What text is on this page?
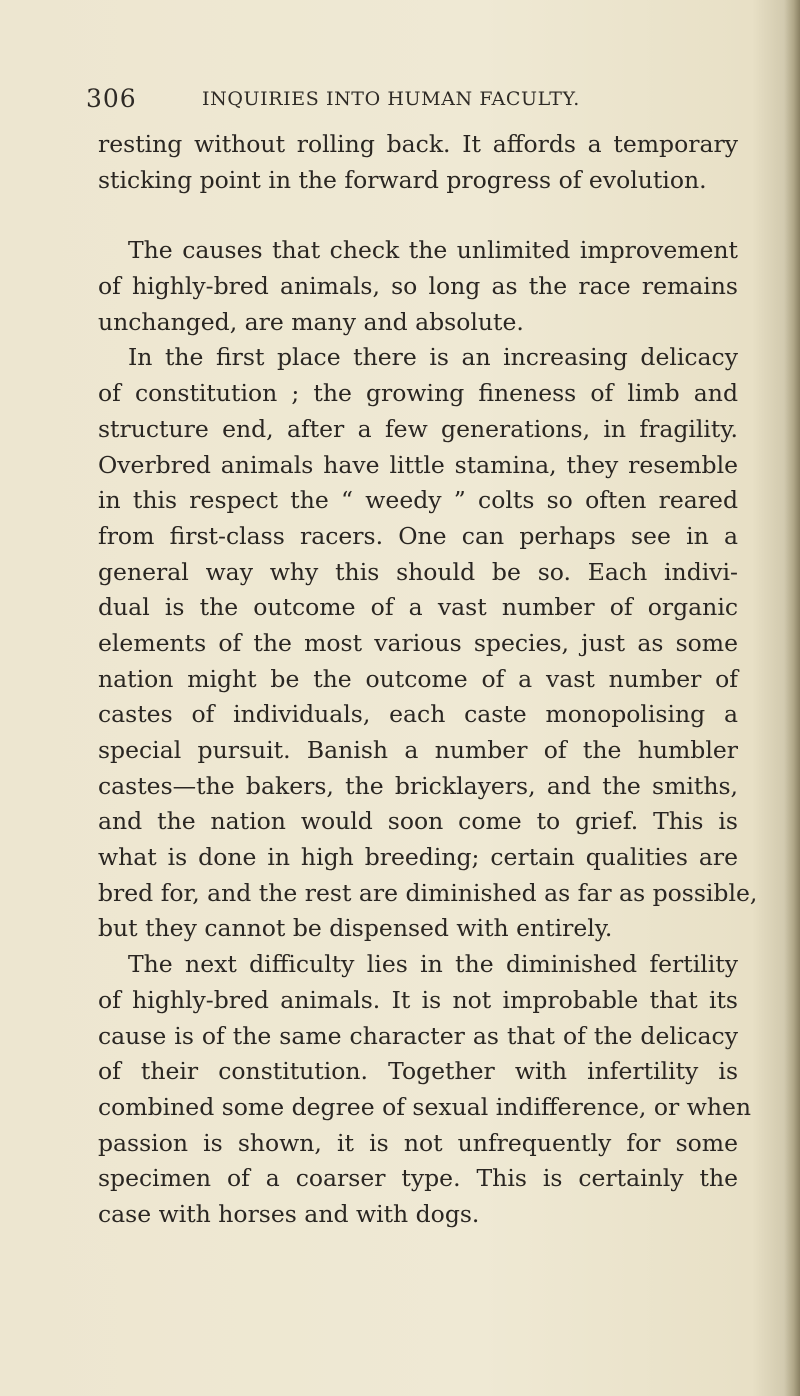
306	INQUIRIES INTO HUMAN FACULTY.
resting without rolling back. It affords a temporary
sticking point in the forward progress of evolution.
The causes that check the unlimited improvement
of highly-bred animals, so long as the race remains
unchanged, are many and absolute.
In the first place there is an increasing delicacy
of constitution ; the growing fineness of limb and
structure end, after a few generations, in fragility.
Overbred animals have little stamina, they resemble
in this respect the “ weedy ” colts so often reared
from first-class racers. One can perhaps see in a
general way why this should be so. Each indivi-
dual is the outcome of a vast number of organic
elements of the most various species, just as some
nation might be the outcome of a vast number of
castes of individuals, each caste monopolising a
special pursuit. Banish a number of the humbler
castes—the bakers, the bricklayers, and the smiths,
and the nation would soon come to grief. This is
what is done in high breeding; certain qualities are
bred for, and the rest are diminished as far as possible,
but they cannot be dispensed with entirely.
The next difficulty lies in the diminished fertility
of highly-bred animals. It is not improbable that its
cause is of the same character as that of the delicacy
of their constitution. Together with infertility is
combined some degree of sexual indifference, or when
passion is shown, it is not unfrequently for some
specimen of a coarser type. This is certainly the
case with horses and with dogs.
